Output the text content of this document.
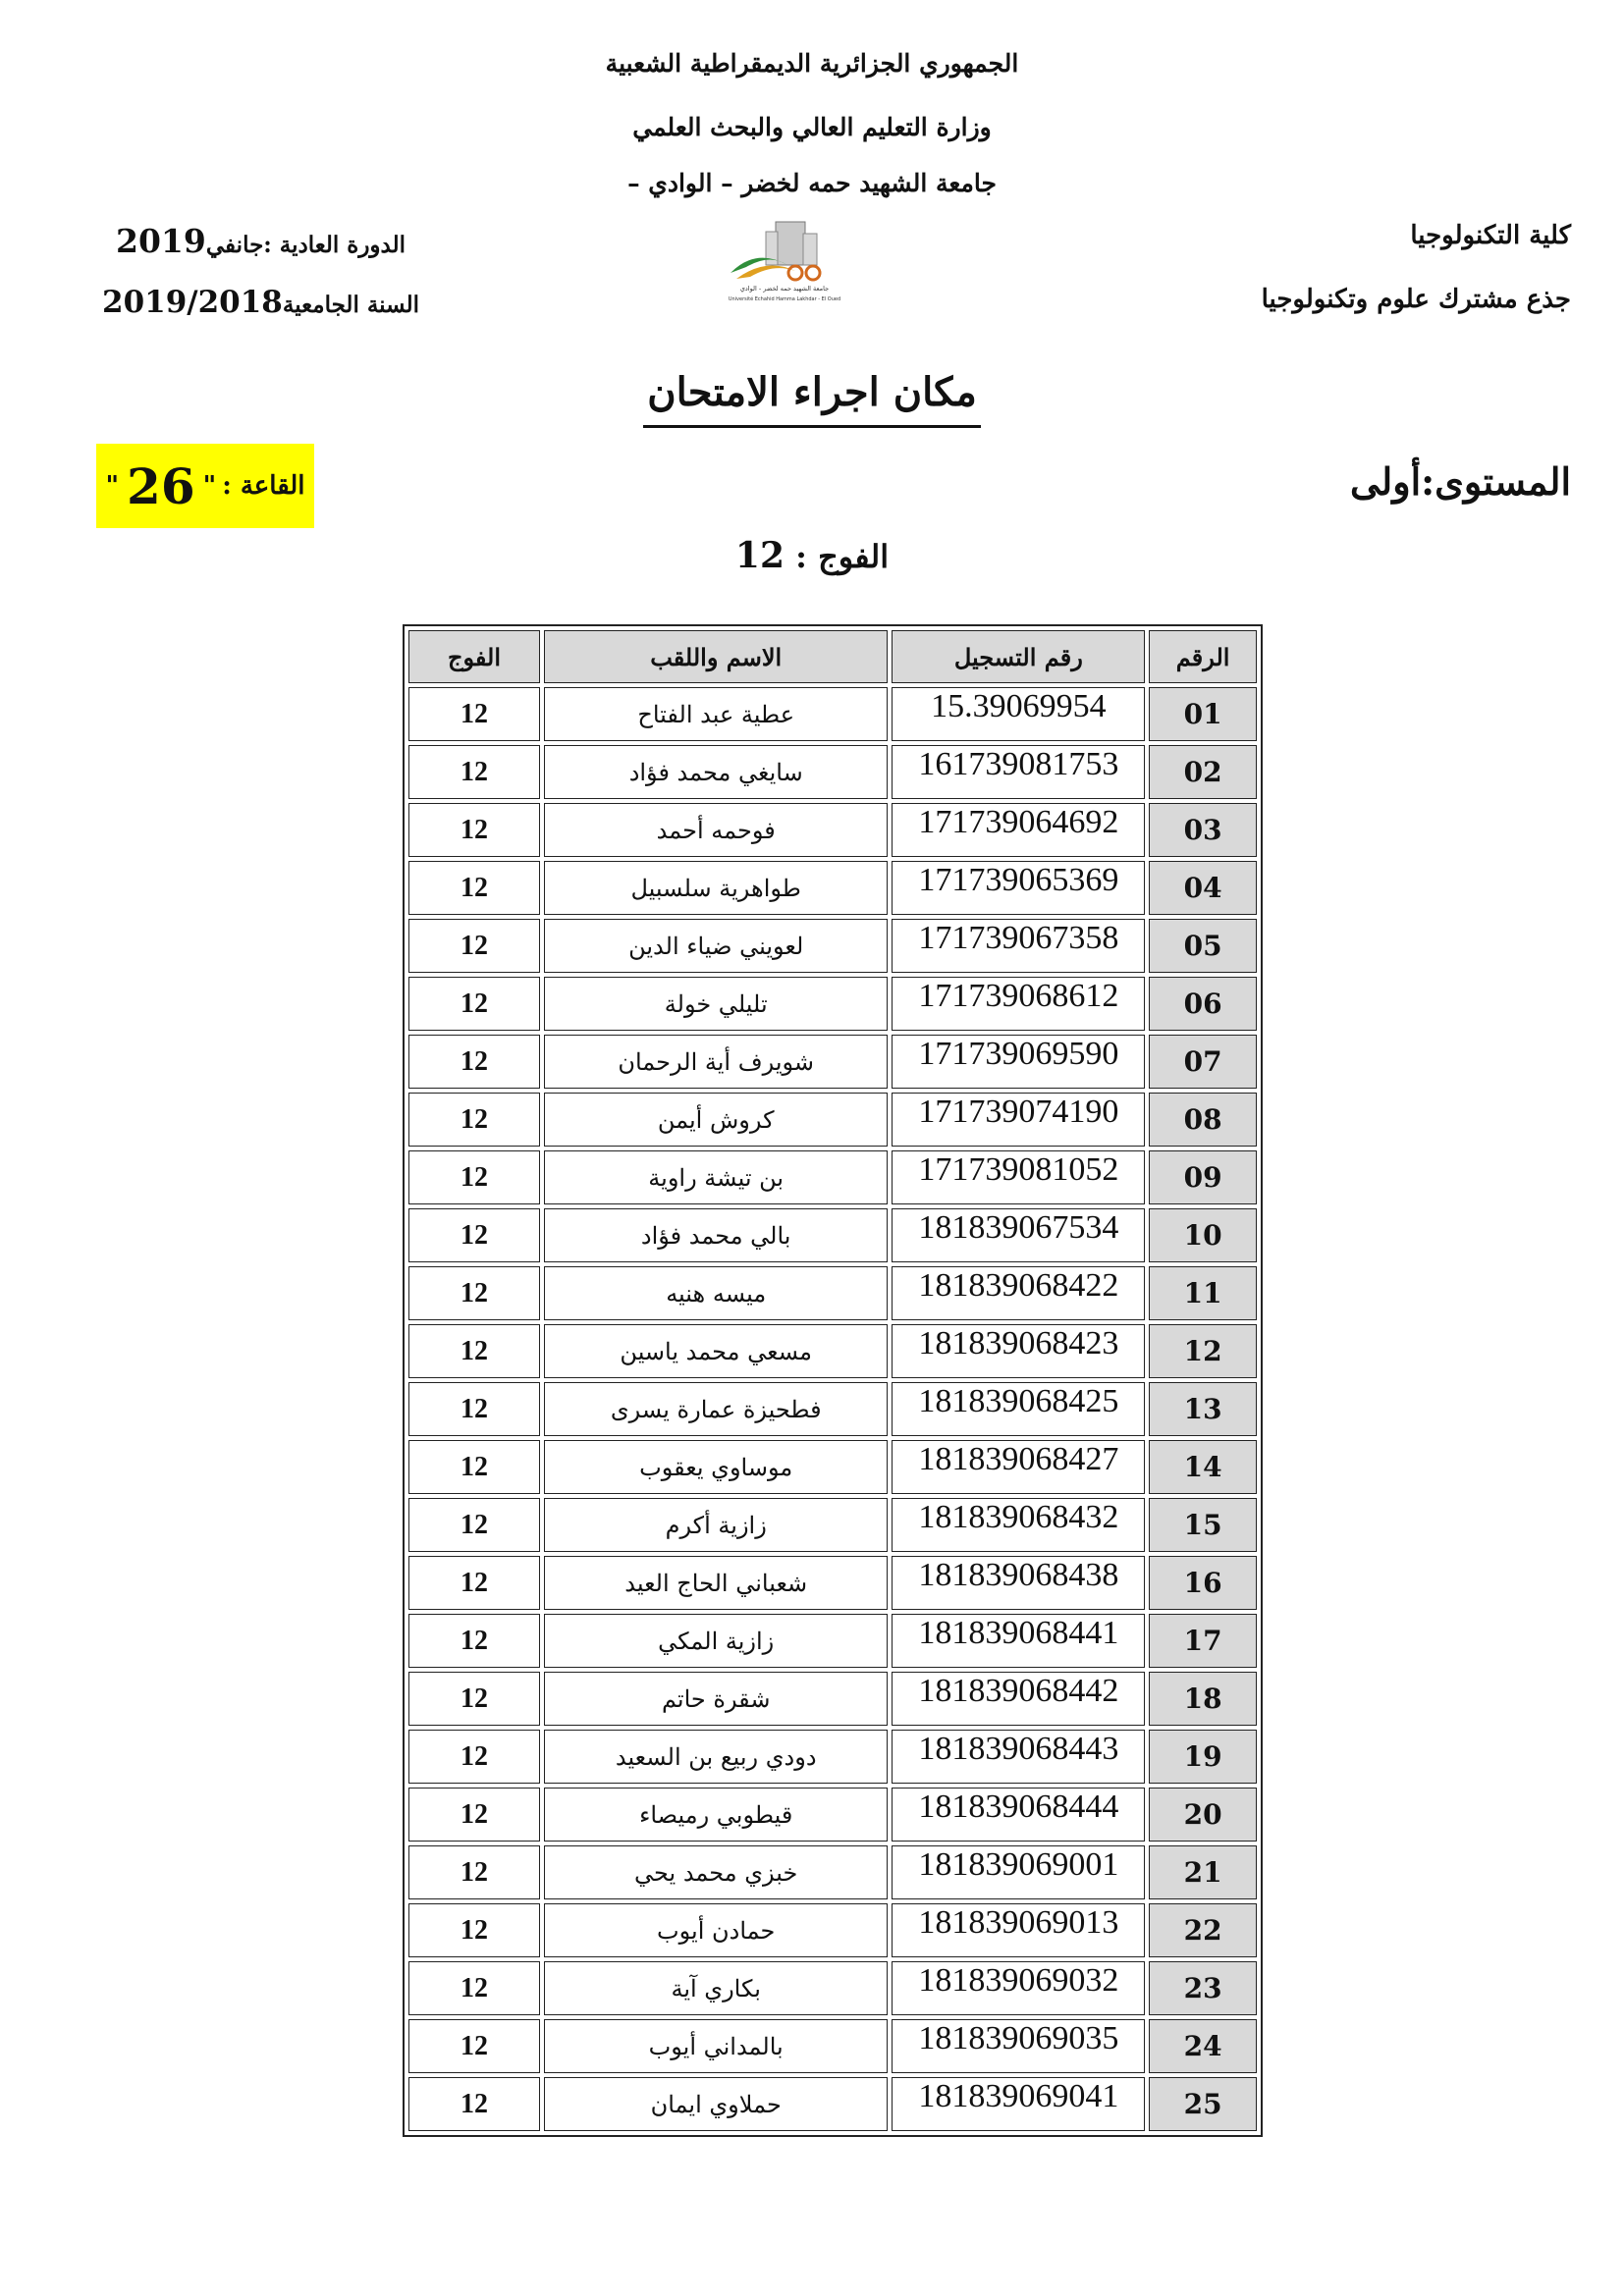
الجمهوري الجزائرية الديمقراطية الشعبية
وزارة التعليم العالي والبحث العلمي
جامعة الشهيد حمه لخضر – الوادي –
كلية التكنولوجيا
جذع مشترك علوم وتكنولوجيا
الدورة العادية :جانفي2019
السنة الجامعية2019/2018	جامعة الشهيد حمه لخضر - الوادي
Université Echahid Hamma Lakhdar - El Oued
مكان اجراء الامتحان
المستوى:أولى
القاعة :
"
26
"
الفوج : 12
الرقم	رقم التسجيل	الاسم واللقب	الفوج
01	15.39069954	عطية عبد الفتاح	12
02	161739081753	سايغي محمد فؤاد	12
03	171739064692	فوحمه أحمد	12
04	171739065369	طواهرية سلسبيل	12
05	171739067358	لعويني ضياء الدين	12
06	171739068612	تليلي خولة	12
07	171739069590	شويرف أية الرحمان	12
08	171739074190	كروش أيمن	12
09	171739081052	بن تيشة راوية	12
10	181839067534	بالي محمد فؤاد	12
11	181839068422	ميسه هنيه	12
12	181839068423	مسعي محمد ياسين	12
13	181839068425	فطحيزة عمارة يسرى	12
14	181839068427	موساوي يعقوب	12
15	181839068432	زازية أكرم	12
16	181839068438	شعباني الحاج العيد	12
17	181839068441	زازية المكي	12
18	181839068442	شقرة حاتم	12
19	181839068443	دودي ربيع بن السعيد	12
20	181839068444	قيطوبي رميصاء	12
21	181839069001	خبزي محمد يحي	12
22	181839069013	حمادن أيوب	12
23	181839069032	بكاري آية	12
24	181839069035	بالمداني أيوب	12
25	181839069041	حملاوي ايمان	12
